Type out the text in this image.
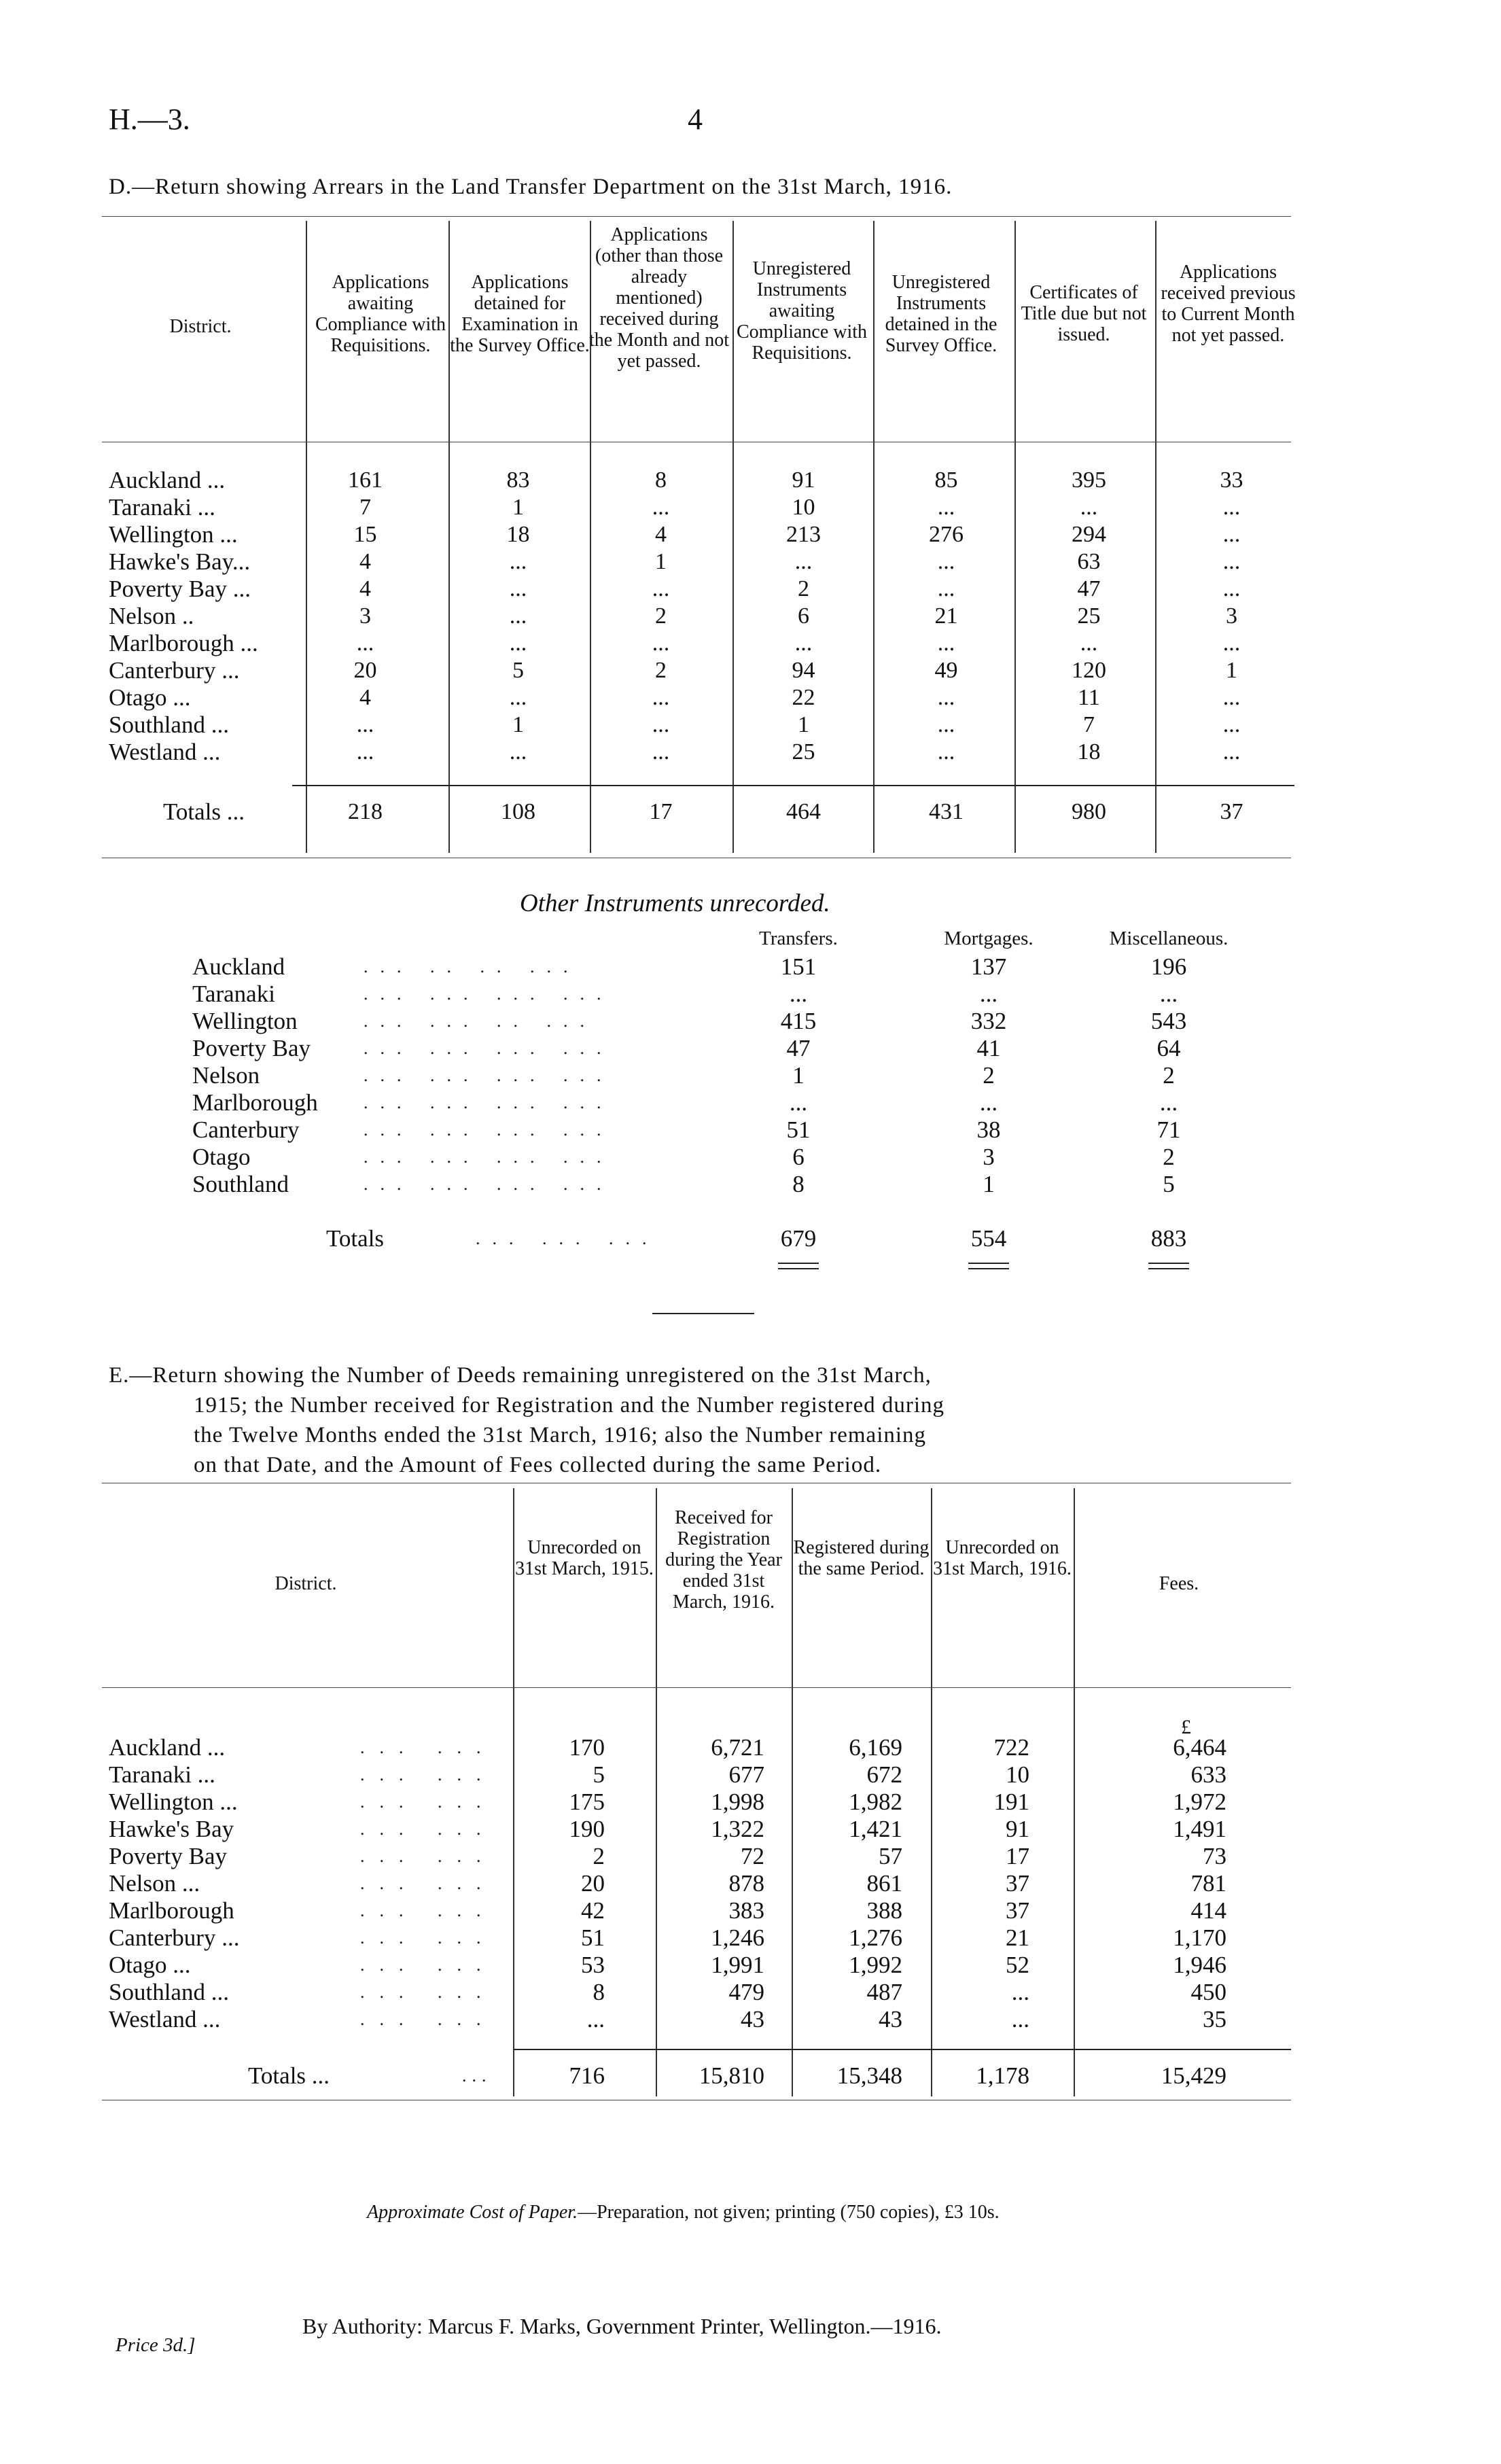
H.—3.	4
D.—Return showing Arrears in the Land Transfer Department on the 31st March, 1916.
District.
Applications awaiting Compliance with Requisitions.
Applications detained for Examination in the Survey Office.
Applications (other than those already mentioned) received during the Month and not yet passed.
Unregistered Instruments awaiting Compliance with Requisitions.
Unregistered Instruments detained in the Survey Office.
Certificates of Title due but not issued.
Applications received previous to Current Month not yet passed.
Auckland ...	161	83	8	91	85	395	33
Taranaki ...	7	1	...	10	...	...	...
Wellington ...	15	18	4	213	276	294	...
Hawke's Bay...	4	...	1	...	...	63	...
Poverty Bay ...	4	...	...	2	...	47	...
Nelson ..	3	...	2	6	21	25	3
Marlborough ...	...	...	...	...	...	...	...
Canterbury ...	20	5	2	94	49	120	1
Otago ...	4	...	...	22	...	11	...
Southland ...	...	1	...	1	...	7	...
Westland ...	...	...	...	25	...	18	...
Totals ...	218	108	17	464	431	980	37
Other Instruments unrecorded.
Transfers.	Mortgages.	Miscellaneous.
Auckland	... .. .. ...	151	137	196
Taranaki	... ... ... ...	...	...	...
Wellington	... ... .. ...	415	332	543
Poverty Bay	... ... ... ...	47	41	64
Nelson	... ... ... ...	1	2	2
Marlborough	... ... ... ...	...	...	...
Canterbury	... ... ... ...	51	38	71
Otago	... ... ... ...	6	3	2
Southland	... ... ... ...	8	1	5
Totals	... ... ...	679	554	883
E.—Return showing the Number of Deeds remaining unregistered on the 31st March,
1915; the Number received for Registration and the Number registered during
the Twelve Months ended the 31st March, 1916; also the Number remaining
on that Date, and the Amount of Fees collected during the same Period.
District.
Unrecorded on 31st March, 1915.
Received for Registration during the Year ended 31st March, 1916.
Registered during the same Period.
Unrecorded on 31st March, 1916.
Fees.
£
Auckland ...	... ...	170	6,721	6,169	722	6,464
Taranaki ...	... ...	5	677	672	10	633
Wellington ...	... ...	175	1,998	1,982	191	1,972
Hawke's Bay	... ...	190	1,322	1,421	91	1,491
Poverty Bay	... ...	2	72	57	17	73
Nelson ...	... ...	20	878	861	37	781
Marlborough	... ...	42	383	388	37	414
Canterbury ...	... ...	51	1,246	1,276	21	1,170
Otago ...	... ...	53	1,991	1,992	52	1,946
Southland ...	... ...	8	479	487	...	450
Westland ...	... ...	...	43	43	...	35
Totals ...	...	716	15,810	15,348	1,178	15,429
Approximate Cost of Paper.—Preparation, not given; printing (750 copies), £3 10s.
By Authority: Marcus F. Marks, Government Printer, Wellington.—1916.
Price 3d.]
